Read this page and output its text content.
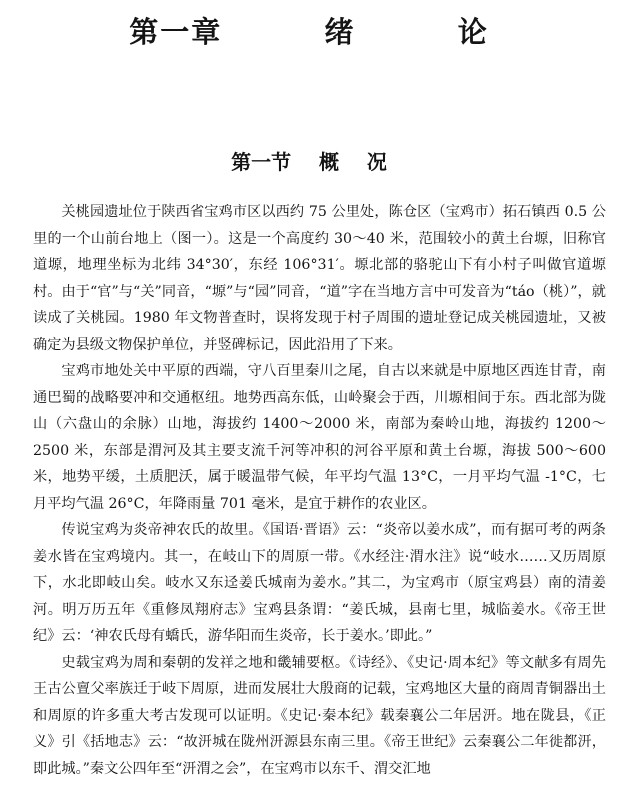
第一章   绪   论
第一节    概    况

关桃园遗址位于陕西省宝鸡市区以西约 75 公里处，陈仓区（宝鸡市）拓石镇西 0.5 公里的一个山前台地上（图一）。这是一个高度约 30～40 米，范围较小的黄土台塬，旧称官道塬，地理坐标为北纬 34°30′，东经 106°31′。塬北部的骆驼山下有小村子叫做官道塬村。由于“官”与“关”同音，“塬”与“园”同音，“道”字在当地方言中可发音为“táo（桃）”，就读成了关桃园。1980 年文物普查时，误将发现于村子周围的遗址登记成关桃园遗址，又被确定为县级文物保护单位，并竖碑标记，因此沿用了下来。

宝鸡市地处关中平原的西端，守八百里秦川之尾，自古以来就是中原地区西连甘青，南通巴蜀的战略要冲和交通枢纽。地势西高东低，山岭聚会于西，川塬相间于东。西北部为陇山（六盘山的余脉）山地，海拔约 1400～2000 米，南部为秦岭山地，海拔约 1200～2500 米，东部是渭河及其主要支流千河等冲积的河谷平原和黄土台塬，海拔 500～600 米，地势平缓，土质肥沃，属于暖温带气候，年平均气温 13°C，一月平均气温 -1°C，七月平均气温 26°C，年降雨量 701 毫米，是宜于耕作的农业区。

传说宝鸡为炎帝神农氏的故里。《国语·晋语》云：“炎帝以姜水成”，而有据可考的两条姜水皆在宝鸡境内。其一，在岐山下的周原一带。《水经注·渭水注》说“岐水……又历周原下，水北即岐山矣。岐水又东迳姜氏城南为姜水。”其二，为宝鸡市（原宝鸡县）南的清姜河。明万历五年《重修凤翔府志》宝鸡县条谓：“姜氏城，县南七里，城临姜水。《帝王世纪》云：‘神农氏母有蟜氏，游华阳而生炎帝，长于姜水。’即此。”

史载宝鸡为周和秦朝的发祥之地和畿辅要枢。《诗经》、《史记·周本纪》等文献多有周先王古公亶父率族迁于岐下周原，进而发展壮大殷商的记载，宝鸡地区大量的商周青铜器出土和周原的许多重大考古发现可以证明。《史记·秦本纪》载秦襄公二年居汧。地在陇县，《正义》引《括地志》云：“故汧城在陇州汧源县东南三里。《帝王世纪》云秦襄公二年徙都汧，即此城。”秦文公四年至“汧渭之会”，在宝鸡市以东千、渭交汇地
